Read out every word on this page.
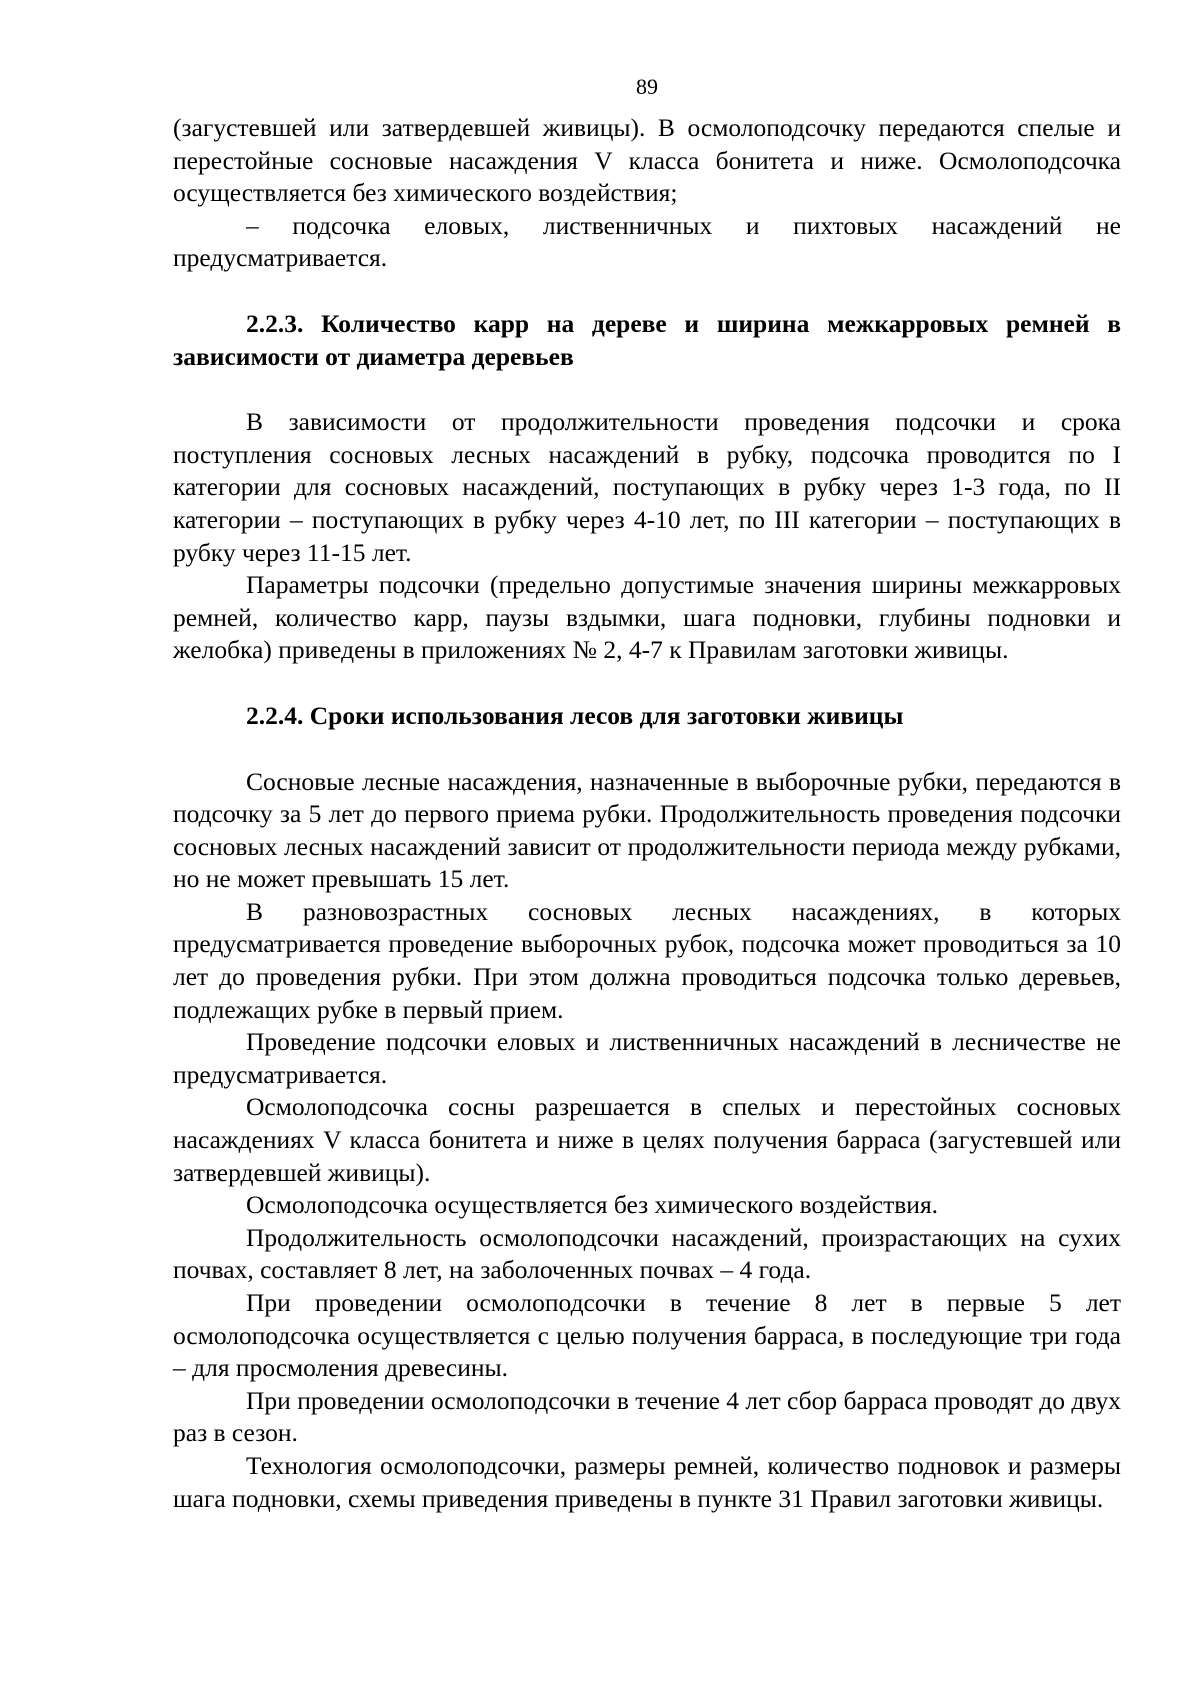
89

(загустевшей или затвердевшей живицы). В осмолоподсочку передаются спелые и перестойные сосновые насаждения V класса бонитета и ниже. Осмолоподсочка осуществляется без химического воздействия;

– подсочка еловых, лиственничных и пихтовых насаждений не предусматривается.

2.2.3. Количество карр на дереве и ширина межкарровых ремней в зависимости от диаметра деревьев

В зависимости от продолжительности проведения подсочки и срока поступления сосновых лесных насаждений в рубку, подсочка проводится по I категории для сосновых насаждений, поступающих в рубку через 1-3 года, по II категории – поступающих в рубку через 4-10 лет, по III категории – поступающих в рубку через 11-15 лет.

Параметры подсочки (предельно допустимые значения ширины межкарровых ремней, количество карр, паузы вздымки, шага подновки, глубины подновки и желобка) приведены в приложениях № 2, 4-7 к Правилам заготовки живицы.

2.2.4. Сроки использования лесов для заготовки живицы

Сосновые лесные насаждения, назначенные в выборочные рубки, передаются в подсочку за 5 лет до первого приема рубки. Продолжительность проведения подсочки сосновых лесных насаждений зависит от продолжительности периода между рубками, но не может превышать 15 лет.

В разновозрастных сосновых лесных насаждениях, в которых предусматривается проведение выборочных рубок, подсочка может проводиться за 10 лет до проведения рубки. При этом должна проводиться подсочка только деревьев, подлежащих рубке в первый прием.

Проведение подсочки еловых и лиственничных насаждений в лесничестве не предусматривается.

Осмолоподсочка сосны разрешается в спелых и перестойных сосновых насаждениях V класса бонитета и ниже в целях получения барраса (загустевшей или затвердевшей живицы).

Осмолоподсочка осуществляется без химического воздействия.

Продолжительность осмолоподсочки насаждений, произрастающих на сухих почвах, составляет 8 лет, на заболоченных почвах – 4 года.

При проведении осмолоподсочки в течение 8 лет в первые 5 лет осмолоподсочка осуществляется с целью получения барраса, в последующие три года – для просмоления древесины.

При проведении осмолоподсочки в течение 4 лет сбор барраса проводят до двух раз в сезон.

Технология осмолоподсочки, размеры ремней, количество подновок и размеры шага подновки, схемы приведения приведены в пункте 31 Правил заготовки живицы.
